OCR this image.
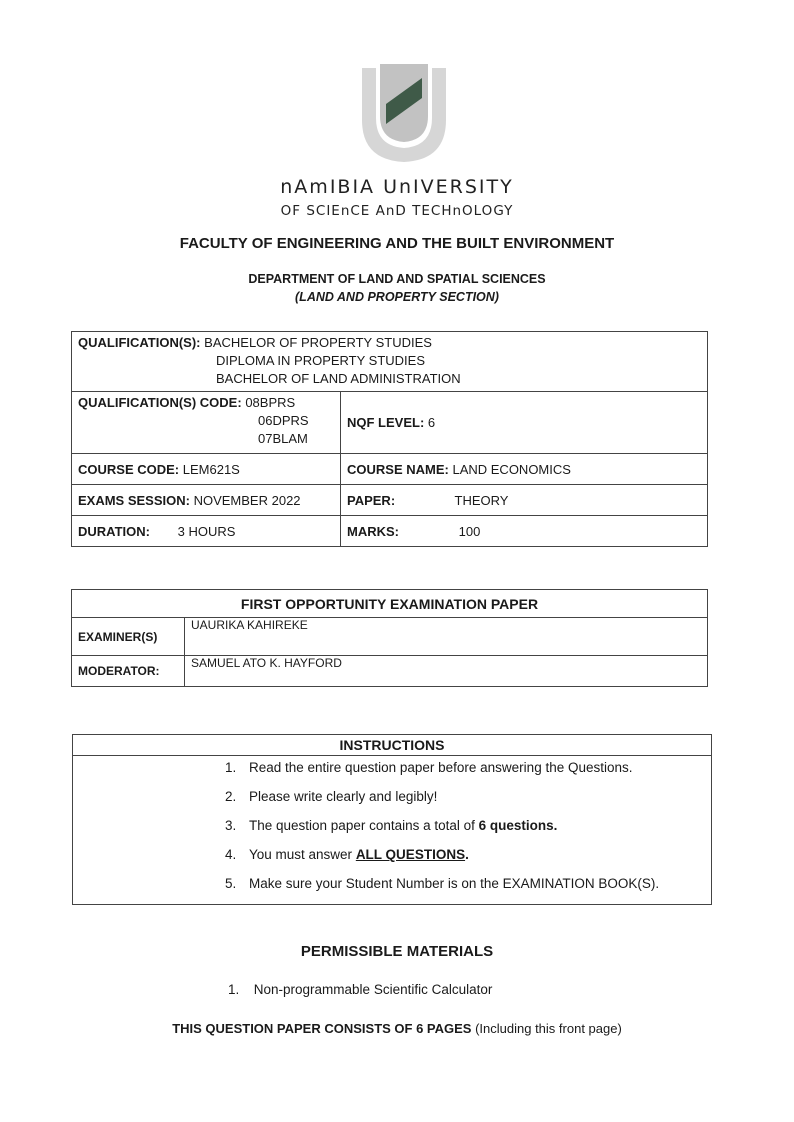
nAmIBIA UnIVERSITY
OF SCIEnCE AnD TECHnOLOGY
FACULTY OF ENGINEERING AND THE BUILT ENVIRONMENT
DEPARTMENT OF LAND AND SPATIAL SCIENCES
(LAND AND PROPERTY SECTION)
QUALIFICATION(S): BACHELOR OF PROPERTY STUDIES
DIPLOMA IN PROPERTY STUDIES
BACHELOR OF LAND ADMINISTRATION	

QUALIFICATION(S) CODE: 08BPRS
06DPRS
07BLAM	NQF LEVEL: 6
COURSE CODE: LEM621S	COURSE NAME: LAND ECONOMICS
EXAMS SESSION: NOVEMBER 2022	PAPER: THEORY
DURATION: 3 HOURS	MARKS: 100
FIRST OPPORTUNITY EXAMINATION PAPER	
EXAMINER(S)	UAURIKA KAHIREKE
MODERATOR:	SAMUEL ATO K. HAYFORD
INSTRUCTIONS

1. Read the entire question paper before answering the Questions.
2. Please write clearly and legibly!
3. The question paper contains a total of 6 questions.
4. You must answer ALL QUESTIONS.
5. Make sure your Student Number is on the EXAMINATION BOOK(S).
PERMISSIBLE MATERIALS
1. Non-programmable Scientific Calculator
THIS QUESTION PAPER CONSISTS OF 6 PAGES (Including this front page)
